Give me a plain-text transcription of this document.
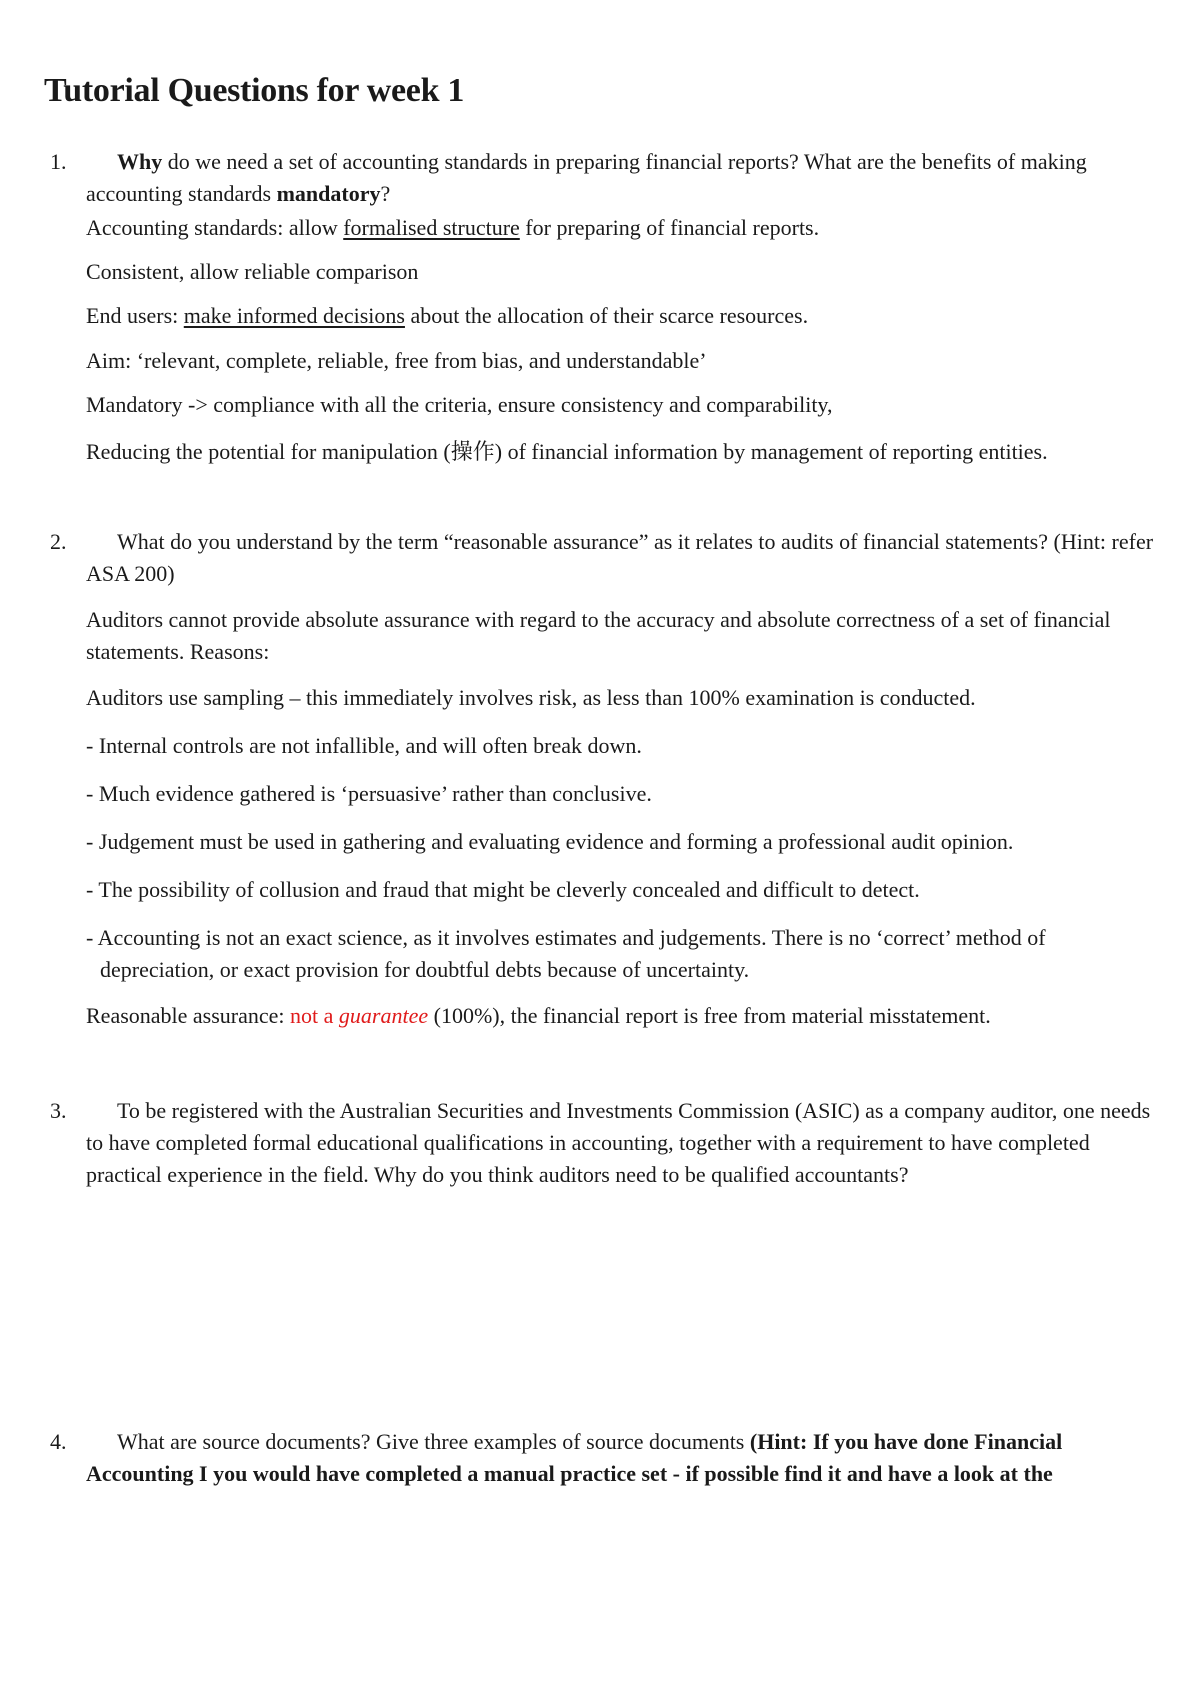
Tutorial Questions for week 1
1.	Why do we need a set of accounting standards in preparing financial reports? What are the benefits of making accounting standards mandatory?
Accounting standards: allow formalised structure for preparing of financial reports.
Consistent, allow reliable comparison
End users: make informed decisions about the allocation of their scarce resources.
Aim: ‘relevant, complete, reliable, free from bias, and understandable’
Mandatory -> compliance with all the criteria, ensure consistency and comparability,
Reducing the potential for manipulation (操作) of financial information by management of reporting entities.
2.	What do you understand by the term “reasonable assurance” as it relates to audits of financial statements? (Hint: refer ASA 200)
Auditors cannot provide absolute assurance with regard to the accuracy and absolute correctness of a set of financial statements. Reasons:
Auditors use sampling – this immediately involves risk, as less than 100% examination is conducted.
- Internal controls are not infallible, and will often break down.
- Much evidence gathered is ‘persuasive’ rather than conclusive.
- Judgement must be used in gathering and evaluating evidence and forming a professional audit opinion.
- The possibility of collusion and fraud that might be cleverly concealed and difficult to detect.
- Accounting is not an exact science, as it involves estimates and judgements. There is no ‘correct’ method of depreciation, or exact provision for doubtful debts because of uncertainty.
Reasonable assurance: not a guarantee (100%), the financial report is free from material misstatement.
3.	To be registered with the Australian Securities and Investments Commission (ASIC) as a company auditor, one needs to have completed formal educational qualifications in accounting, together with a requirement to have completed practical experience in the field. Why do you think auditors need to be qualified accountants?
4.	What are source documents? Give three examples of source documents (Hint: If you have done Financial Accounting I you would have completed a manual practice set - if possible find it and have a look at the
